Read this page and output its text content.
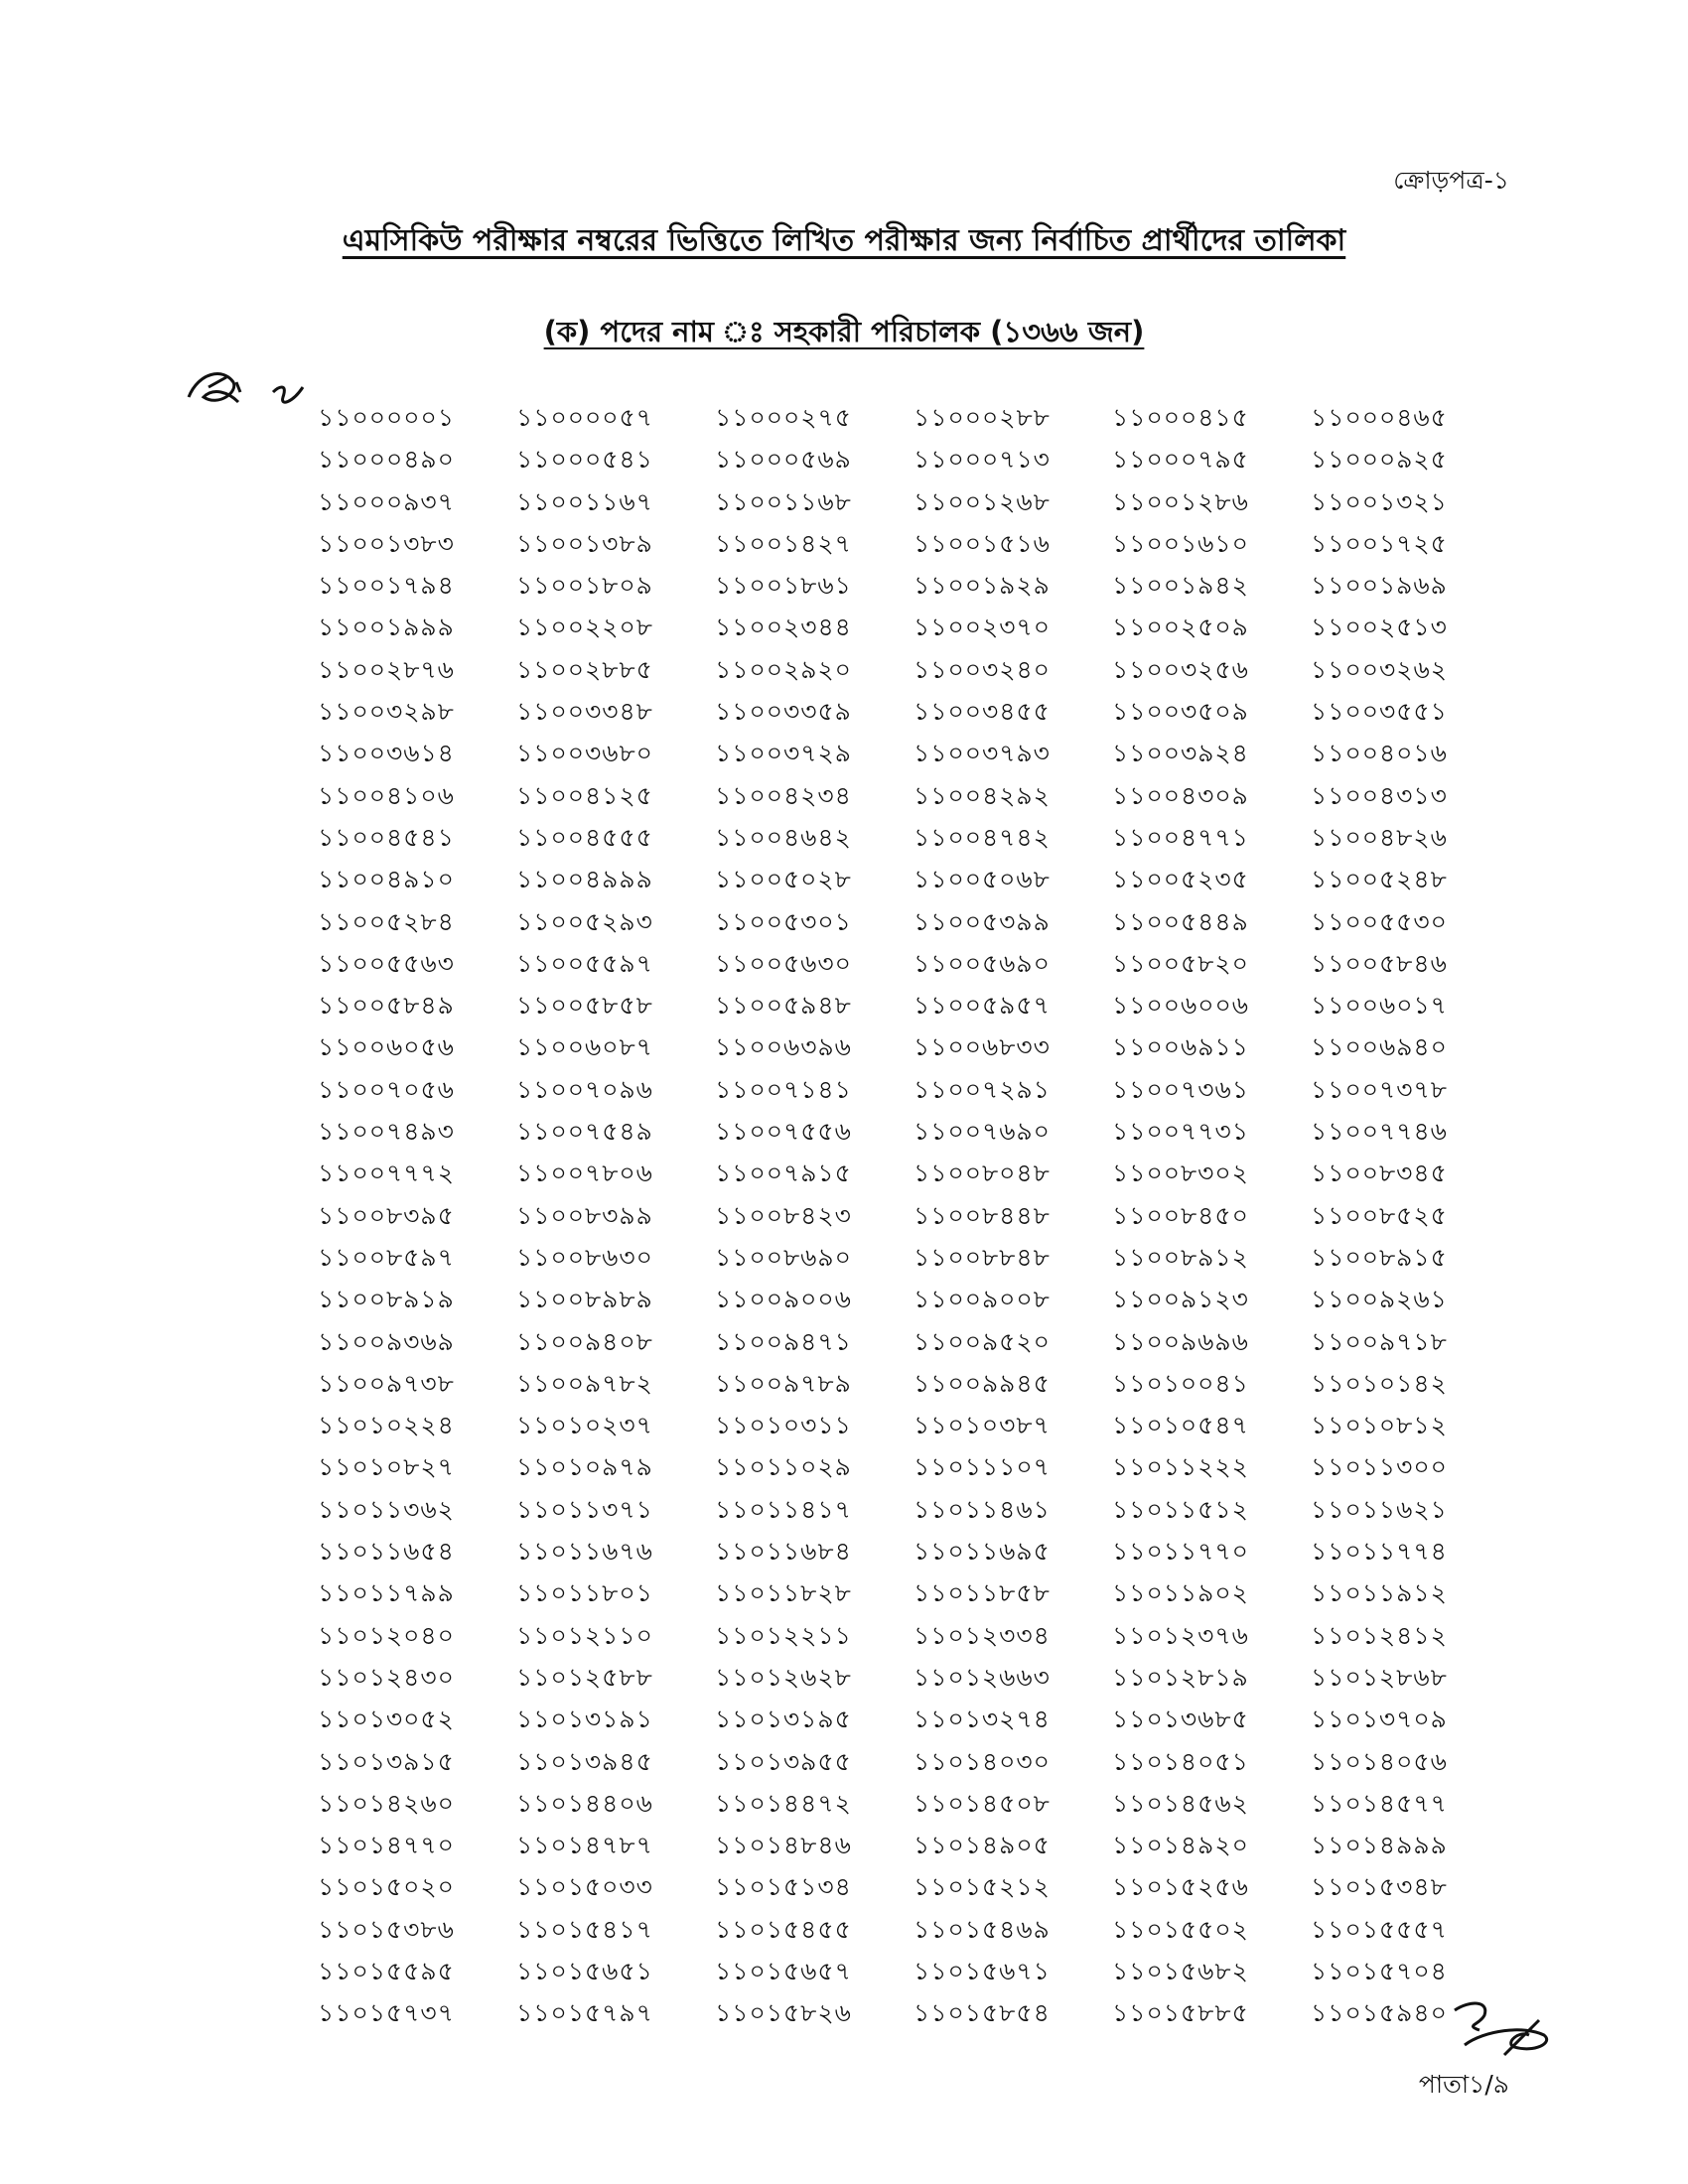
ক্রোড়পত্র-১
এমসিকিউ পরীক্ষার নম্বরের ভিত্তিতে লিখিত পরীক্ষার জন্য নির্বাচিত প্রার্থীদের তালিকা
(ক) পদের নাম ঃ সহকারী পরিচালক (১৩৬৬ জন)
১১০০০০০১	১১০০০০৫৭	১১০০০২৭৫	১১০০০২৮৮	১১০০০৪১৫	১১০০০৪৬৫
১১০০০৪৯০	১১০০০৫৪১	১১০০০৫৬৯	১১০০০৭১৩	১১০০০৭৯৫	১১০০০৯২৫
১১০০০৯৩৭	১১০০১১৬৭	১১০০১১৬৮	১১০০১২৬৮	১১০০১২৮৬	১১০০১৩২১
১১০০১৩৮৩	১১০০১৩৮৯	১১০০১৪২৭	১১০০১৫১৬	১১০০১৬১০	১১০০১৭২৫
১১০০১৭৯৪	১১০০১৮০৯	১১০০১৮৬১	১১০০১৯২৯	১১০০১৯৪২	১১০০১৯৬৯
১১০০১৯৯৯	১১০০২২০৮	১১০০২৩৪৪	১১০০২৩৭০	১১০০২৫০৯	১১০০২৫১৩
১১০০২৮৭৬	১১০০২৮৮৫	১১০০২৯২০	১১০০৩২৪০	১১০০৩২৫৬	১১০০৩২৬২
১১০০৩২৯৮	১১০০৩৩৪৮	১১০০৩৩৫৯	১১০০৩৪৫৫	১১০০৩৫০৯	১১০০৩৫৫১
১১০০৩৬১৪	১১০০৩৬৮০	১১০০৩৭২৯	১১০০৩৭৯৩	১১০০৩৯২৪	১১০০৪০১৬
১১০০৪১০৬	১১০০৪১২৫	১১০০৪২৩৪	১১০০৪২৯২	১১০০৪৩০৯	১১০০৪৩১৩
১১০০৪৫৪১	১১০০৪৫৫৫	১১০০৪৬৪২	১১০০৪৭৪২	১১০০৪৭৭১	১১০০৪৮২৬
১১০০৪৯১০	১১০০৪৯৯৯	১১০০৫০২৮	১১০০৫০৬৮	১১০০৫২৩৫	১১০০৫২৪৮
১১০০৫২৮৪	১১০০৫২৯৩	১১০০৫৩০১	১১০০৫৩৯৯	১১০০৫৪৪৯	১১০০৫৫৩০
১১০০৫৫৬৩	১১০০৫৫৯৭	১১০০৫৬৩০	১১০০৫৬৯০	১১০০৫৮২০	১১০০৫৮৪৬
১১০০৫৮৪৯	১১০০৫৮৫৮	১১০০৫৯৪৮	১১০০৫৯৫৭	১১০০৬০০৬	১১০০৬০১৭
১১০০৬০৫৬	১১০০৬০৮৭	১১০০৬৩৯৬	১১০০৬৮৩৩	১১০০৬৯১১	১১০০৬৯৪০
১১০০৭০৫৬	১১০০৭০৯৬	১১০০৭১৪১	১১০০৭২৯১	১১০০৭৩৬১	১১০০৭৩৭৮
১১০০৭৪৯৩	১১০০৭৫৪৯	১১০০৭৫৫৬	১১০০৭৬৯০	১১০০৭৭৩১	১১০০৭৭৪৬
১১০০৭৭৭২	১১০০৭৮০৬	১১০০৭৯১৫	১১০০৮০৪৮	১১০০৮৩০২	১১০০৮৩৪৫
১১০০৮৩৯৫	১১০০৮৩৯৯	১১০০৮৪২৩	১১০০৮৪৪৮	১১০০৮৪৫০	১১০০৮৫২৫
১১০০৮৫৯৭	১১০০৮৬৩০	১১০০৮৬৯০	১১০০৮৮৪৮	১১০০৮৯১২	১১০০৮৯১৫
১১০০৮৯১৯	১১০০৮৯৮৯	১১০০৯০০৬	১১০০৯০০৮	১১০০৯১২৩	১১০০৯২৬১
১১০০৯৩৬৯	১১০০৯৪০৮	১১০০৯৪৭১	১১০০৯৫২০	১১০০৯৬৯৬	১১০০৯৭১৮
১১০০৯৭৩৮	১১০০৯৭৮২	১১০০৯৭৮৯	১১০০৯৯৪৫	১১০১০০৪১	১১০১০১৪২
১১০১০২২৪	১১০১০২৩৭	১১০১০৩১১	১১০১০৩৮৭	১১০১০৫৪৭	১১০১০৮১২
১১০১০৮২৭	১১০১০৯৭৯	১১০১১০২৯	১১০১১১০৭	১১০১১২২২	১১০১১৩০০
১১০১১৩৬২	১১০১১৩৭১	১১০১১৪১৭	১১০১১৪৬১	১১০১১৫১২	১১০১১৬২১
১১০১১৬৫৪	১১০১১৬৭৬	১১০১১৬৮৪	১১০১১৬৯৫	১১০১১৭৭০	১১০১১৭৭৪
১১০১১৭৯৯	১১০১১৮০১	১১০১১৮২৮	১১০১১৮৫৮	১১০১১৯০২	১১০১১৯১২
১১০১২০৪০	১১০১২১১০	১১০১২২১১	১১০১২৩৩৪	১১০১২৩৭৬	১১০১২৪১২
১১০১২৪৩০	১১০১২৫৮৮	১১০১২৬২৮	১১০১২৬৬৩	১১০১২৮১৯	১১০১২৮৬৮
১১০১৩০৫২	১১০১৩১৯১	১১০১৩১৯৫	১১০১৩২৭৪	১১০১৩৬৮৫	১১০১৩৭০৯
১১০১৩৯১৫	১১০১৩৯৪৫	১১০১৩৯৫৫	১১০১৪০৩০	১১০১৪০৫১	১১০১৪০৫৬
১১০১৪২৬০	১১০১৪৪০৬	১১০১৪৪৭২	১১০১৪৫০৮	১১০১৪৫৬২	১১০১৪৫৭৭
১১০১৪৭৭০	১১০১৪৭৮৭	১১০১৪৮৪৬	১১০১৪৯০৫	১১০১৪৯২০	১১০১৪৯৯৯
১১০১৫০২০	১১০১৫০৩৩	১১০১৫১৩৪	১১০১৫২১২	১১০১৫২৫৬	১১০১৫৩৪৮
১১০১৫৩৮৬	১১০১৫৪১৭	১১০১৫৪৫৫	১১০১৫৪৬৯	১১০১৫৫০২	১১০১৫৫৫৭
১১০১৫৫৯৫	১১০১৫৬৫১	১১০১৫৬৫৭	১১০১৫৬৭১	১১০১৫৬৮২	১১০১৫৭০৪
১১০১৫৭৩৭	১১০১৫৭৯৭	১১০১৫৮২৬	১১০১৫৮৫৪	১১০১৫৮৮৫	১১০১৫৯৪০
পাতা১/৯
